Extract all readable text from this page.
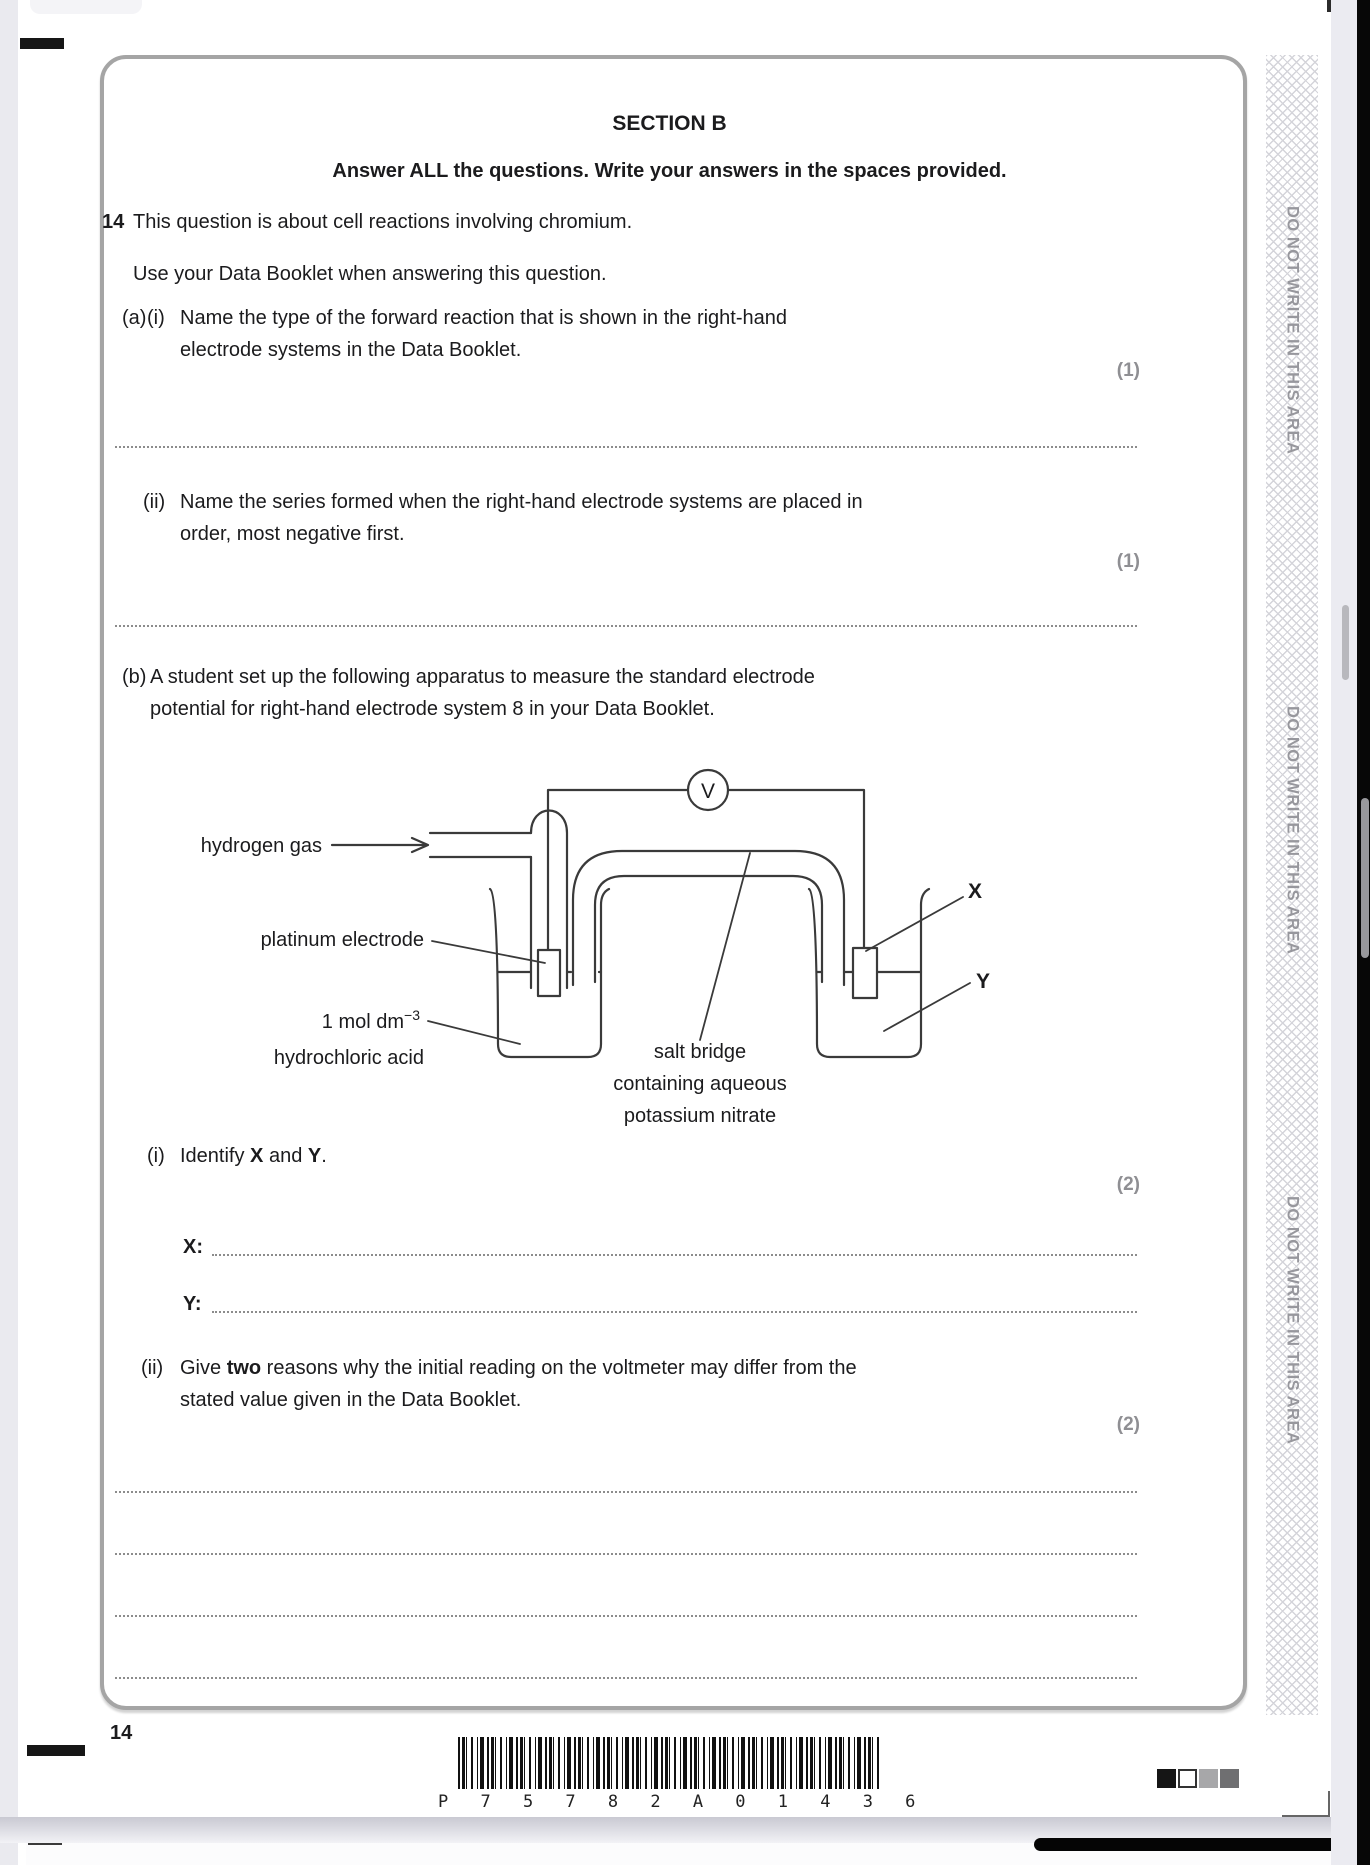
SECTION B
Answer ALL the questions. Write your answers in the spaces provided.
14 This question is about cell reactions involving chromium.
Use your Data Booklet when answering this question.
(a) (i) Name the type of the forward reaction that is shown in the right-hand
electrode systems in the Data Booklet.
(1)
(ii) Name the series formed when the right-hand electrode systems are placed in
order, most negative first.
(1)
(b) A student set up the following apparatus to measure the standard electrode
potential for right-hand electrode system 8 in your Data Booklet.
V
hydrogen gas
platinum electrode
1 mol $dm^{-3}$
hydrochloric acid	salt bridge
containing aqueous
potassium nitrate
X
Y
(i) Identify X and Y.
(2)
X:
Y:
(ii) Give two reasons why the initial reading on the voltmeter may differ from the
stated value given in the Data Booklet.
(2)
DO NOT WRITE IN THIS AREA
DO NOT WRITE IN THIS AREA
DO NOT WRITE IN THIS AREA
14
P 7 5 7 8 2 A 0 1 4 3 6
